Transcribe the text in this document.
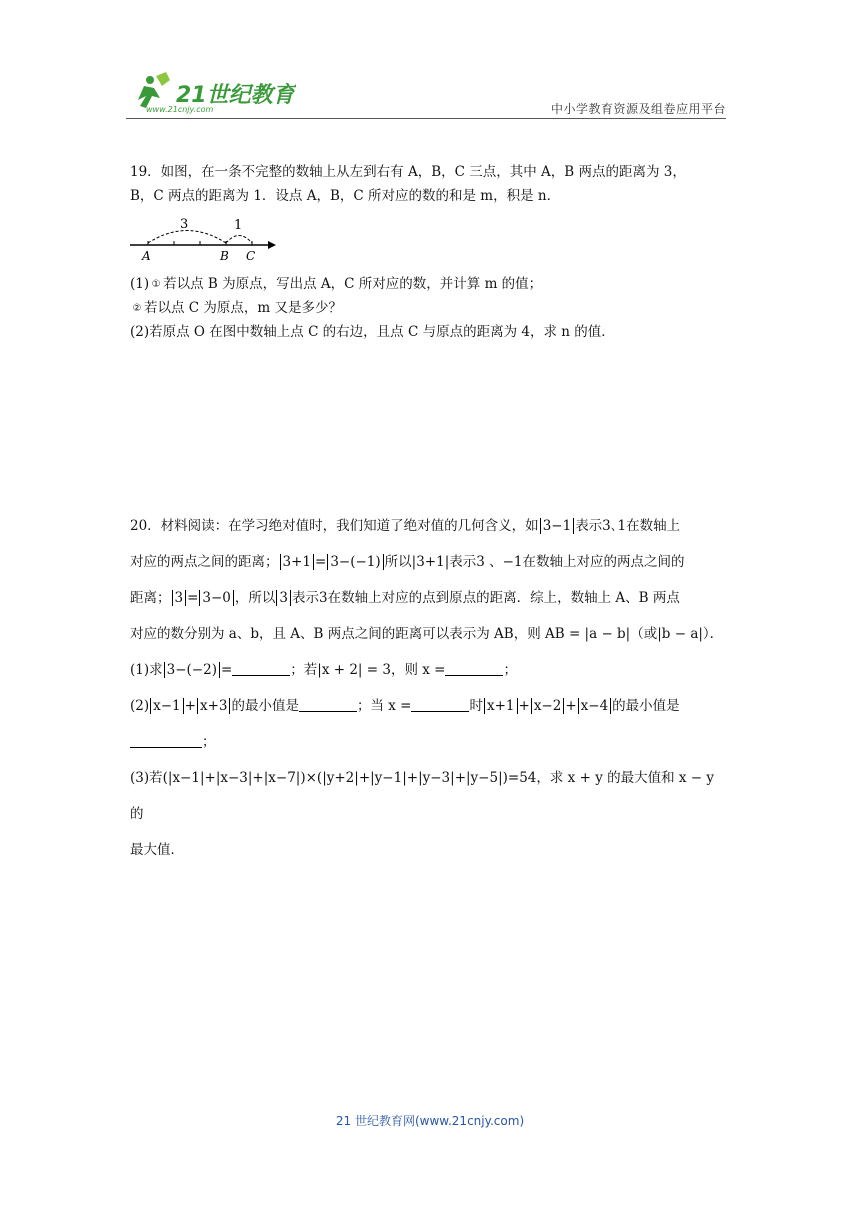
21世纪教育
www.21cnjy.com	中小学教育资源及组卷应用平台

19．如图，在一条不完整的数轴上从左到右有 A，B，C 三点，其中 A，B 两点的距离为 3，

B，C 两点的距离为 1．设点 A，B，C 所对应的数的和是 m，积是 n．

3	1
A	B C

(1) ① 若以点 B 为原点，写出点 A，C 所对应的数，并计算 m 的值；

② 若以点 C 为原点，m 又是多少？

(2)若原点 O 在图中数轴上点 C 的右边，且点 C 与原点的距离为 4，求 n 的值．

20．材料阅读：在学习绝对值时，我们知道了绝对值的几何含义，如 3−1 表示3､1在数轴上

对应的两点之间的距离； 3+1 = 3−(−1) 所以|3+1|表示3 、−1在数轴上对应的两点之间的

距离； 3 = 3−0 ，所以 3 表示3在数轴上对应的点到原点的距离．综上，数轴上 A、B 两点

对应的数分别为 a、b，且 A、B 两点之间的距离可以表示为 AB，则 AB = |a − b|（或|b − a|）．

(1)求 3−(−2) =	；若|x + 2| = 3，则 x =	；

(2) x−1 + x+3 的最小值是	；当 x =	时 x+1 + x−2 + x−4 的最小值是

；

(3)若(|x−1|+|x−3|+|x−7|)×(|y+2|+|y−1|+|y−3|+|y−5|)=54，求 x + y 的最大值和 x − y 的

最大值．

21 世纪教育网(www.21cnjy.com)
